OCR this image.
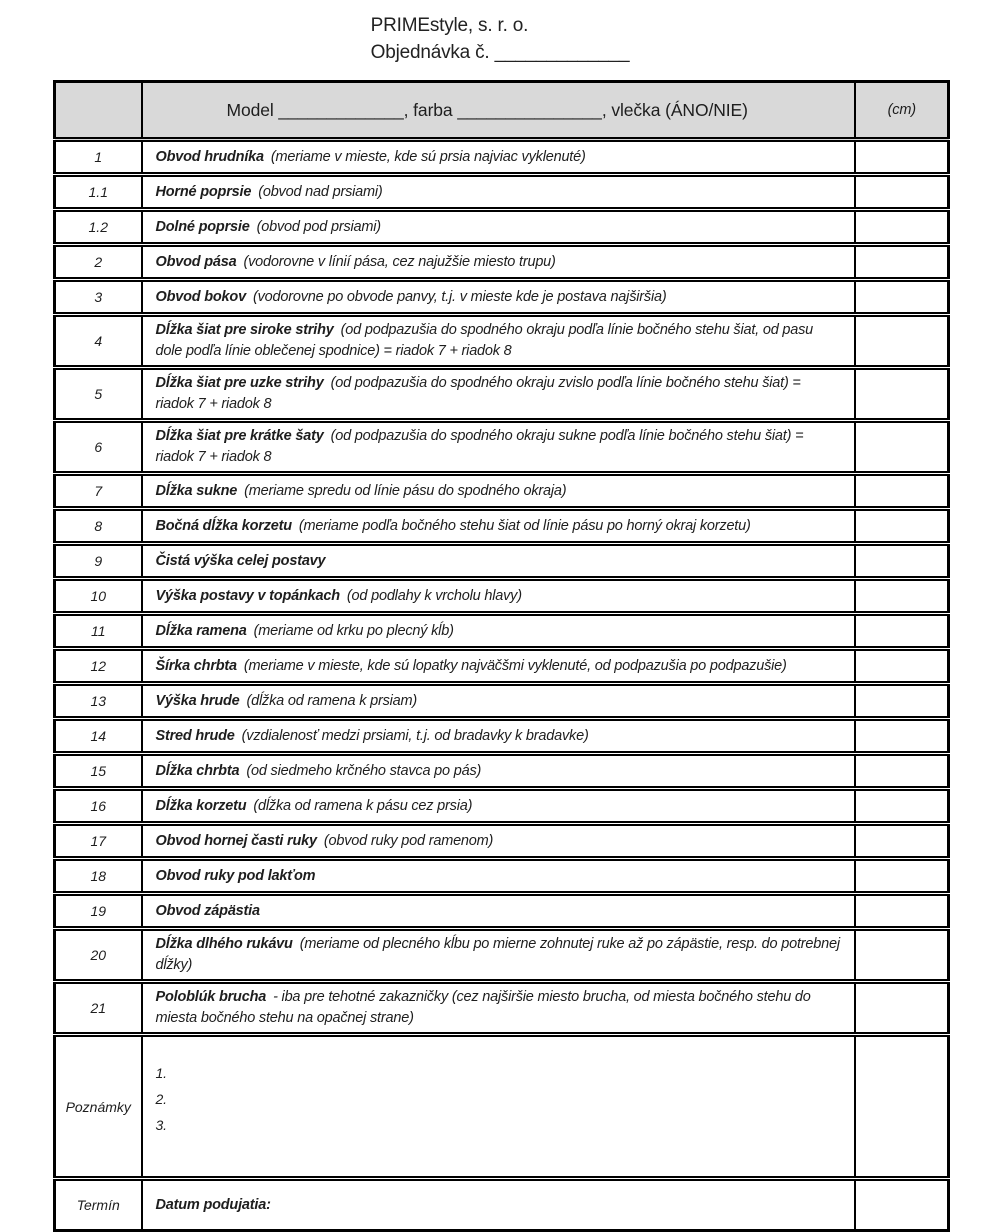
PRIMEstyle, s. r. o.
Objednávka č. _____________
	Model _____________, farba _______________, vlečka (ÁNO/NIE)	(cm)
1	Obvod hrudníka (meriame v mieste, kde sú prsia najviac vyklenuté)	
1.1	Horné poprsie (obvod nad prsiami)	
1.2	Dolné poprsie (obvod pod prsiami)	
2	Obvod pása (vodorovne v línií pása, cez najužšie miesto trupu)	
3	Obvod bokov (vodorovne po obvode panvy, t.j. v mieste kde je postava najširšia)	
4	Dĺžka šiat pre siroke strihy (od podpazušia do spodného okraju podľa línie bočného stehu šiat, od pasu dole podľa línie oblečenej spodnice) = riadok 7 + riadok 8	
5	Dĺžka šiat pre uzke strihy (od podpazušia do spodného okraju zvislo podľa línie bočného stehu šiat) = riadok 7 + riadok 8	
6	Dĺžka šiat pre krátke šaty (od podpazušia do spodného okraju sukne podľa línie bočného stehu šiat) = riadok 7 + riadok 8	
7	Dĺžka sukne (meriame spredu od línie pásu do spodného okraja)	
8	Bočná dĺžka korzetu (meriame podľa bočného stehu šiat od línie pásu po horný okraj korzetu)	
9	Čistá výška celej postavy	
10	Výška postavy v topánkach (od podlahy k vrcholu hlavy)	
11	Dĺžka ramena (meriame od krku po plecný kĺb)	
12	Šírka chrbta (meriame v mieste, kde sú lopatky najväčšmi vyklenuté, od podpazušia po podpazušie)	
13	Výška hrude (dĺžka od ramena k prsiam)	
14	Stred hrude (vzdialenosť medzi prsiami, t.j. od bradavky k bradavke)	
15	Dĺžka chrbta (od siedmeho krčného stavca po pás)	
16	Dĺžka korzetu (dĺžka od ramena k pásu cez prsia)	
17	Obvod hornej časti ruky (obvod ruky pod ramenom)	
18	Obvod ruky pod lakťom	
19	Obvod zápästia	
20	Dĺžka dlhého rukávu (meriame od plecného kĺbu po mierne zohnutej ruke až po zápästie, resp. do potrebnej dĺžky)	
21	Poloblúk brucha - iba pre tehotné zakazničky (cez najširšie miesto brucha, od miesta bočného stehu do miesta bočného stehu na opačnej strane)	
Poznámky	1.
2.
3.	

Termín	Datum podujatia:	
